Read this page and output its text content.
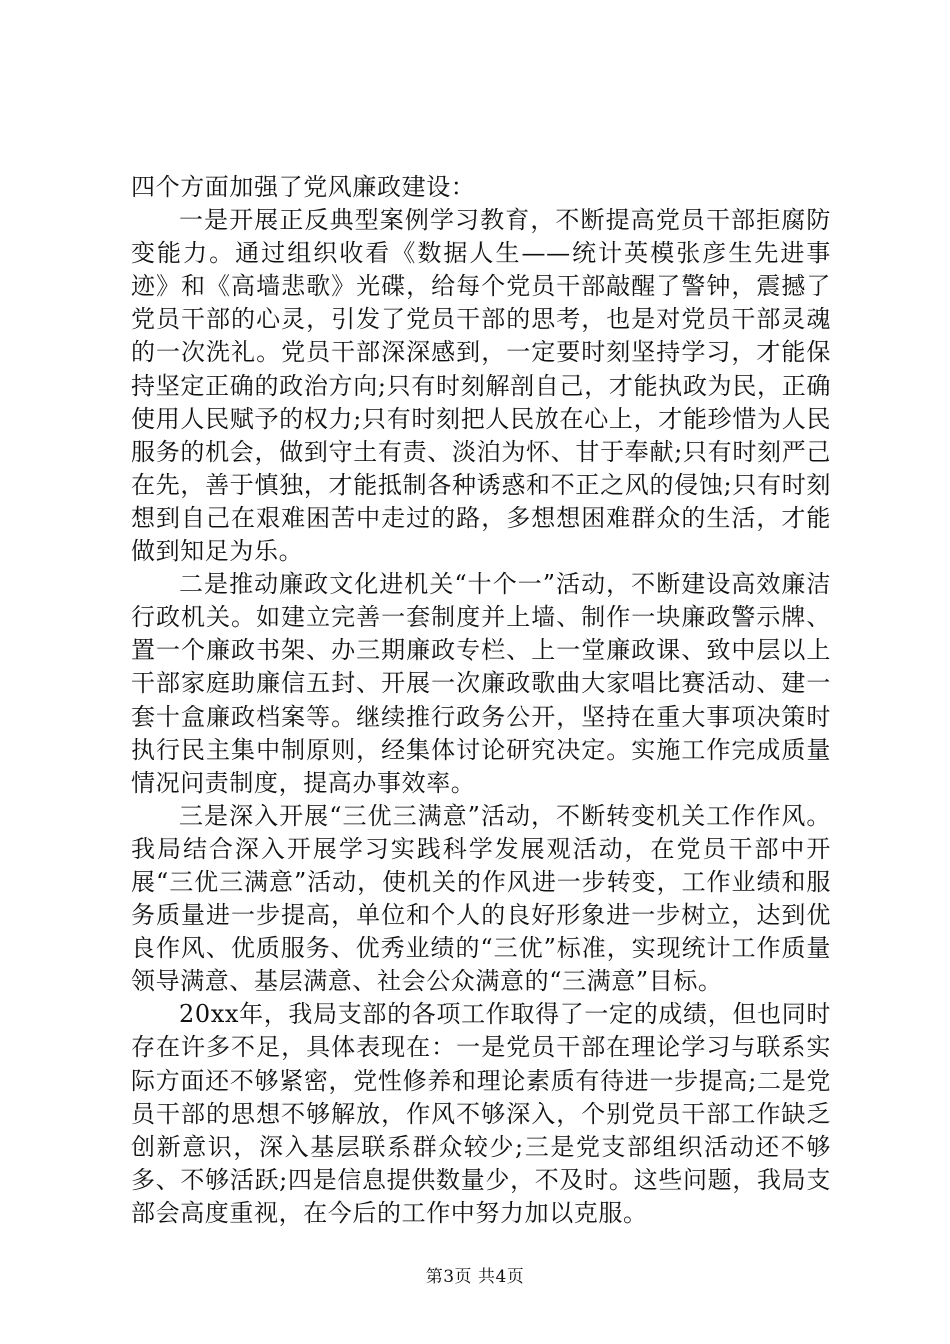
四个方面加强了党风廉政建设：

一是开展正反典型案例学习教育，不断提高党员干部拒腐防变能力。通过组织收看《数据人生——统计英模张彦生先进事迹》和《高墙悲歌》光碟，给每个党员干部敲醒了警钟，震撼了党员干部的心灵，引发了党员干部的思考，也是对党员干部灵魂的一次洗礼。党员干部深深感到，一定要时刻坚持学习，才能保持坚定正确的政治方向;只有时刻解剖自己，才能执政为民，正确使用人民赋予的权力;只有时刻把人民放在心上，才能珍惜为人民服务的机会，做到守土有责、淡泊为怀、甘于奉献;只有时刻严己在先，善于慎独，才能抵制各种诱惑和不正之风的侵蚀;只有时刻想到自己在艰难困苦中走过的路，多想想困难群众的生活，才能做到知足为乐。

二是推动廉政文化进机关“十个一”活动，不断建设高效廉洁行政机关。如建立完善一套制度并上墙、制作一块廉政警示牌、置一个廉政书架、办三期廉政专栏、上一堂廉政课、致中层以上干部家庭助廉信五封、开展一次廉政歌曲大家唱比赛活动、建一套十盒廉政档案等。继续推行政务公开，坚持在重大事项决策时执行民主集中制原则，经集体讨论研究决定。实施工作完成质量情况问责制度，提高办事效率。

三是深入开展“三优三满意”活动，不断转变机关工作作风。我局结合深入开展学习实践科学发展观活动，在党员干部中开展“三优三满意”活动，使机关的作风进一步转变，工作业绩和服务质量进一步提高，单位和个人的良好形象进一步树立，达到优良作风、优质服务、优秀业绩的“三优”标准，实现统计工作质量领导满意、基层满意、社会公众满意的“三满意”目标。

20xx年，我局支部的各项工作取得了一定的成绩，但也同时存在许多不足，具体表现在：一是党员干部在理论学习与联系实际方面还不够紧密，党性修养和理论素质有待进一步提高;二是党员干部的思想不够解放，作风不够深入，个别党员干部工作缺乏创新意识，深入基层联系群众较少;三是党支部组织活动还不够多、不够活跃;四是信息提供数量少，不及时。这些问题，我局支部会高度重视，在今后的工作中努力加以克服。

第3页 共4页
